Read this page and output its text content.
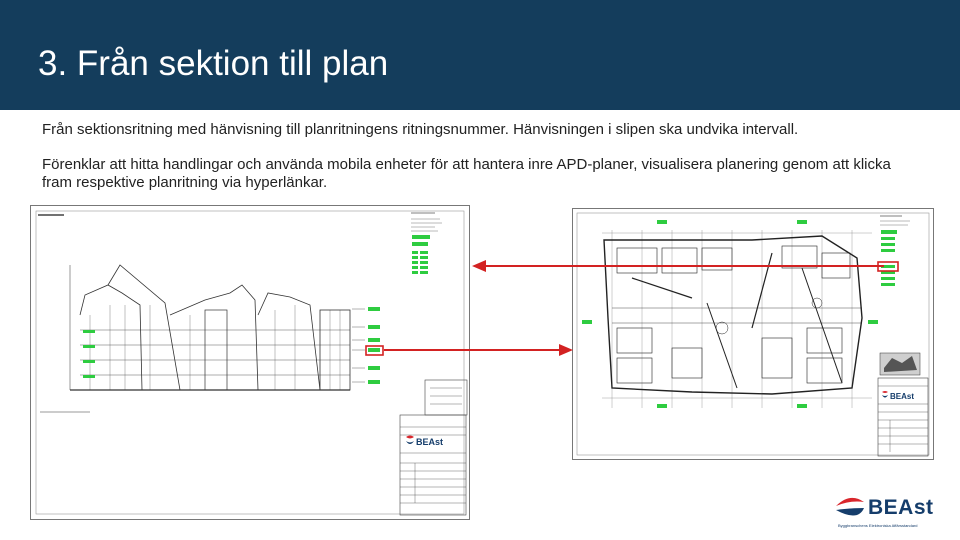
3. Från sektion till plan
Från sektionsritning med hänvisning till planritningens ritningsnummer. Hänvisningen i slipen ska undvika intervall.
Förenklar att hitta handlingar och använda mobila enheter för att hantera inre APD-planer, visualisera planering genom att klicka fram respektive planritning via hyperlänkar.
BEAst
BEAst
BEAst
Byggbranschens Elektroniska Affärsstandard
